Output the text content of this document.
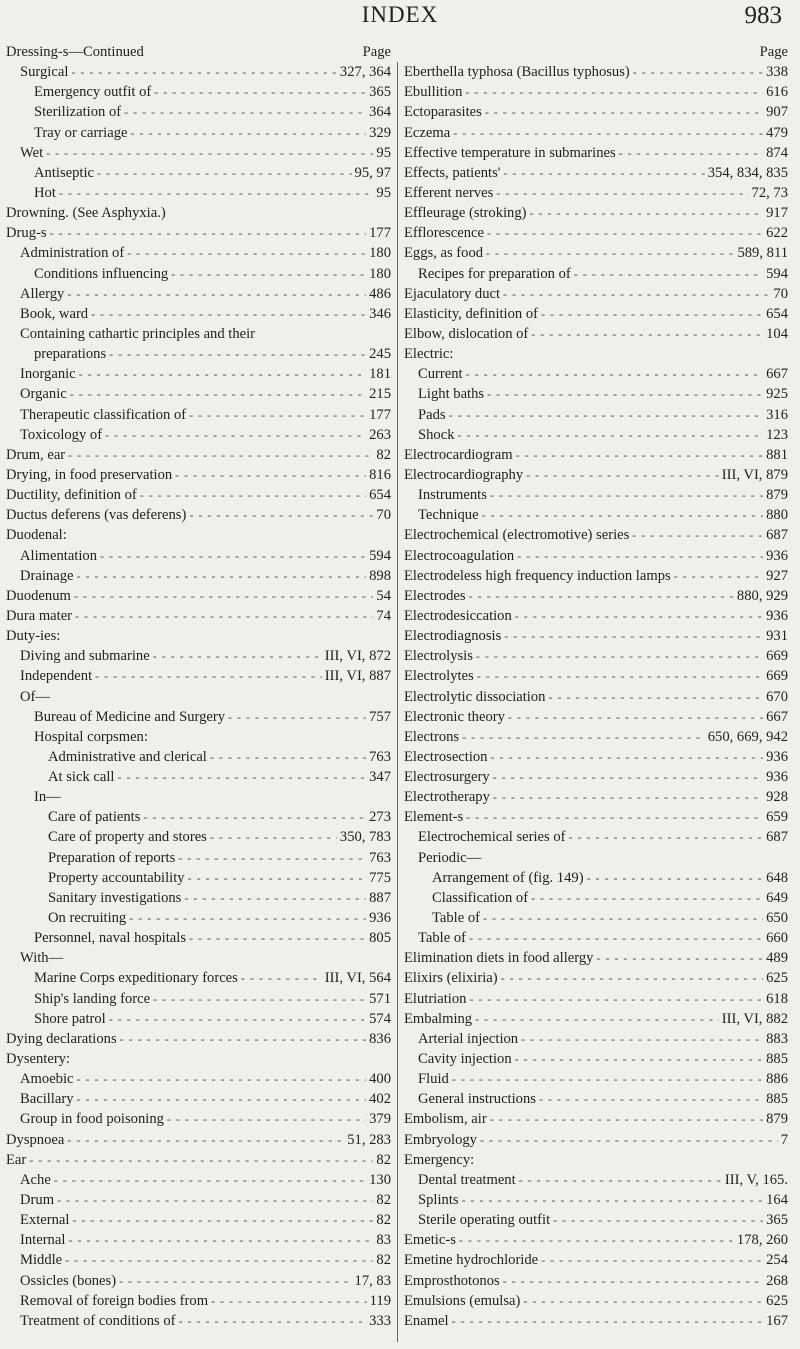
INDEX	983
Dressing-s—Continued	Page
Surgical - - -	327, 364
Emergency outfit of - - -	365
Sterilization of - - -	364
Tray or carriage - - -	329
Wet - - -	95
Antiseptic - - -	95, 97
Hot - - -	95
Drowning. (See Asphyxia.)
Drug-s - - -	177
Administration of - - -	180
Conditions influencing - - -	180
Allergy - - -	486
Book, ward - - -	346
Containing cathartic principles and their
preparations - - -	245
Inorganic - - -	181
Organic - - -	215
Therapeutic classification of - - -	177
Toxicology of - - -	263
Drum, ear - - -	82
Drying, in food preservation - - -	816
Ductility, definition of - - -	654
Ductus deferens (vas deferens) - - -	70
Duodenal:
Alimentation - - -	594
Drainage - - -	898
Duodenum - - -	54
Dura mater - - -	74
Duty-ies:
Diving and submarine - - -	III, VI, 872
Independent - - -	III, VI, 887
Of—
Bureau of Medicine and Surgery - - -	757
Hospital corpsmen:
Administrative and clerical - - -	763
At sick call - - -	347
In—
Care of patients - - -	273
Care of property and stores - - -	350, 783
Preparation of reports - - -	763
Property accountability - - -	775
Sanitary investigations - - -	887
On recruiting - - -	936
Personnel, naval hospitals - - -	805
With—
Marine Corps expeditionary forces - - -	III, VI, 564
Ship's landing force - - -	571
Shore patrol - - -	574
Dying declarations - - -	836
Dysentery:
Amoebic - - -	400
Bacillary - - -	402
Group in food poisoning - - -	379
Dyspnoea - - -	51, 283
Ear - - -	82
Ache - - -	130
Drum - - -	82
External - - -	82
Internal - - -	83
Middle - - -	82
Ossicles (bones) - - -	17, 83
Removal of foreign bodies from - - -	119
Treatment of conditions of - - -	333
Page
Eberthella typhosa (Bacillus typhosus) - - -	338
Ebullition - - -	616
Ectoparasites - - -	907
Eczema - - -	479
Effective temperature in submarines - - -	874
Effects, patients' - - -	354, 834, 835
Efferent nerves - - -	72, 73
Effleurage (stroking) - - -	917
Efflorescence - - -	622
Eggs, as food - - -	589, 811
Recipes for preparation of - - -	594
Ejaculatory duct - - -	70
Elasticity, definition of - - -	654
Elbow, dislocation of - - -	104
Electric:
Current - - -	667
Light baths - - -	925
Pads - - -	316
Shock - - -	123
Electrocardiogram - - -	881
Electrocardiography - - -	III, VI, 879
Instruments - - -	879
Technique - - -	880
Electrochemical (electromotive) series - - -	687
Electrocoagulation - - -	936
Electrodeless high frequency induction lamps - - -	927
Electrodes - - -	880, 929
Electrodesiccation - - -	936
Electrodiagnosis - - -	931
Electrolysis - - -	669
Electrolytes - - -	669
Electrolytic dissociation - - -	670
Electronic theory - - -	667
Electrons - - -	650, 669, 942
Electrosection - - -	936
Electrosurgery - - -	936
Electrotherapy - - -	928
Element-s - - -	659
Electrochemical series of - - -	687
Periodic—
Arrangement of (fig. 149) - - -	648
Classification of - - -	649
Table of - - -	650
Table of - - -	660
Elimination diets in food allergy - - -	489
Elixirs (elixiria) - - -	625
Elutriation - - -	618
Embalming - - -	III, VI, 882
Arterial injection - - -	883
Cavity injection - - -	885
Fluid - - -	886
General instructions - - -	885
Embolism, air - - -	879
Embryology - - -	7
Emergency:
Dental treatment - - -	III, V, 165.
Splints - - -	164
Sterile operating outfit - - -	365
Emetic-s - - -	178, 260
Emetine hydrochloride - - -	254
Emprosthotonos - - -	268
Emulsions (emulsa) - - -	625
Enamel - - -	167
